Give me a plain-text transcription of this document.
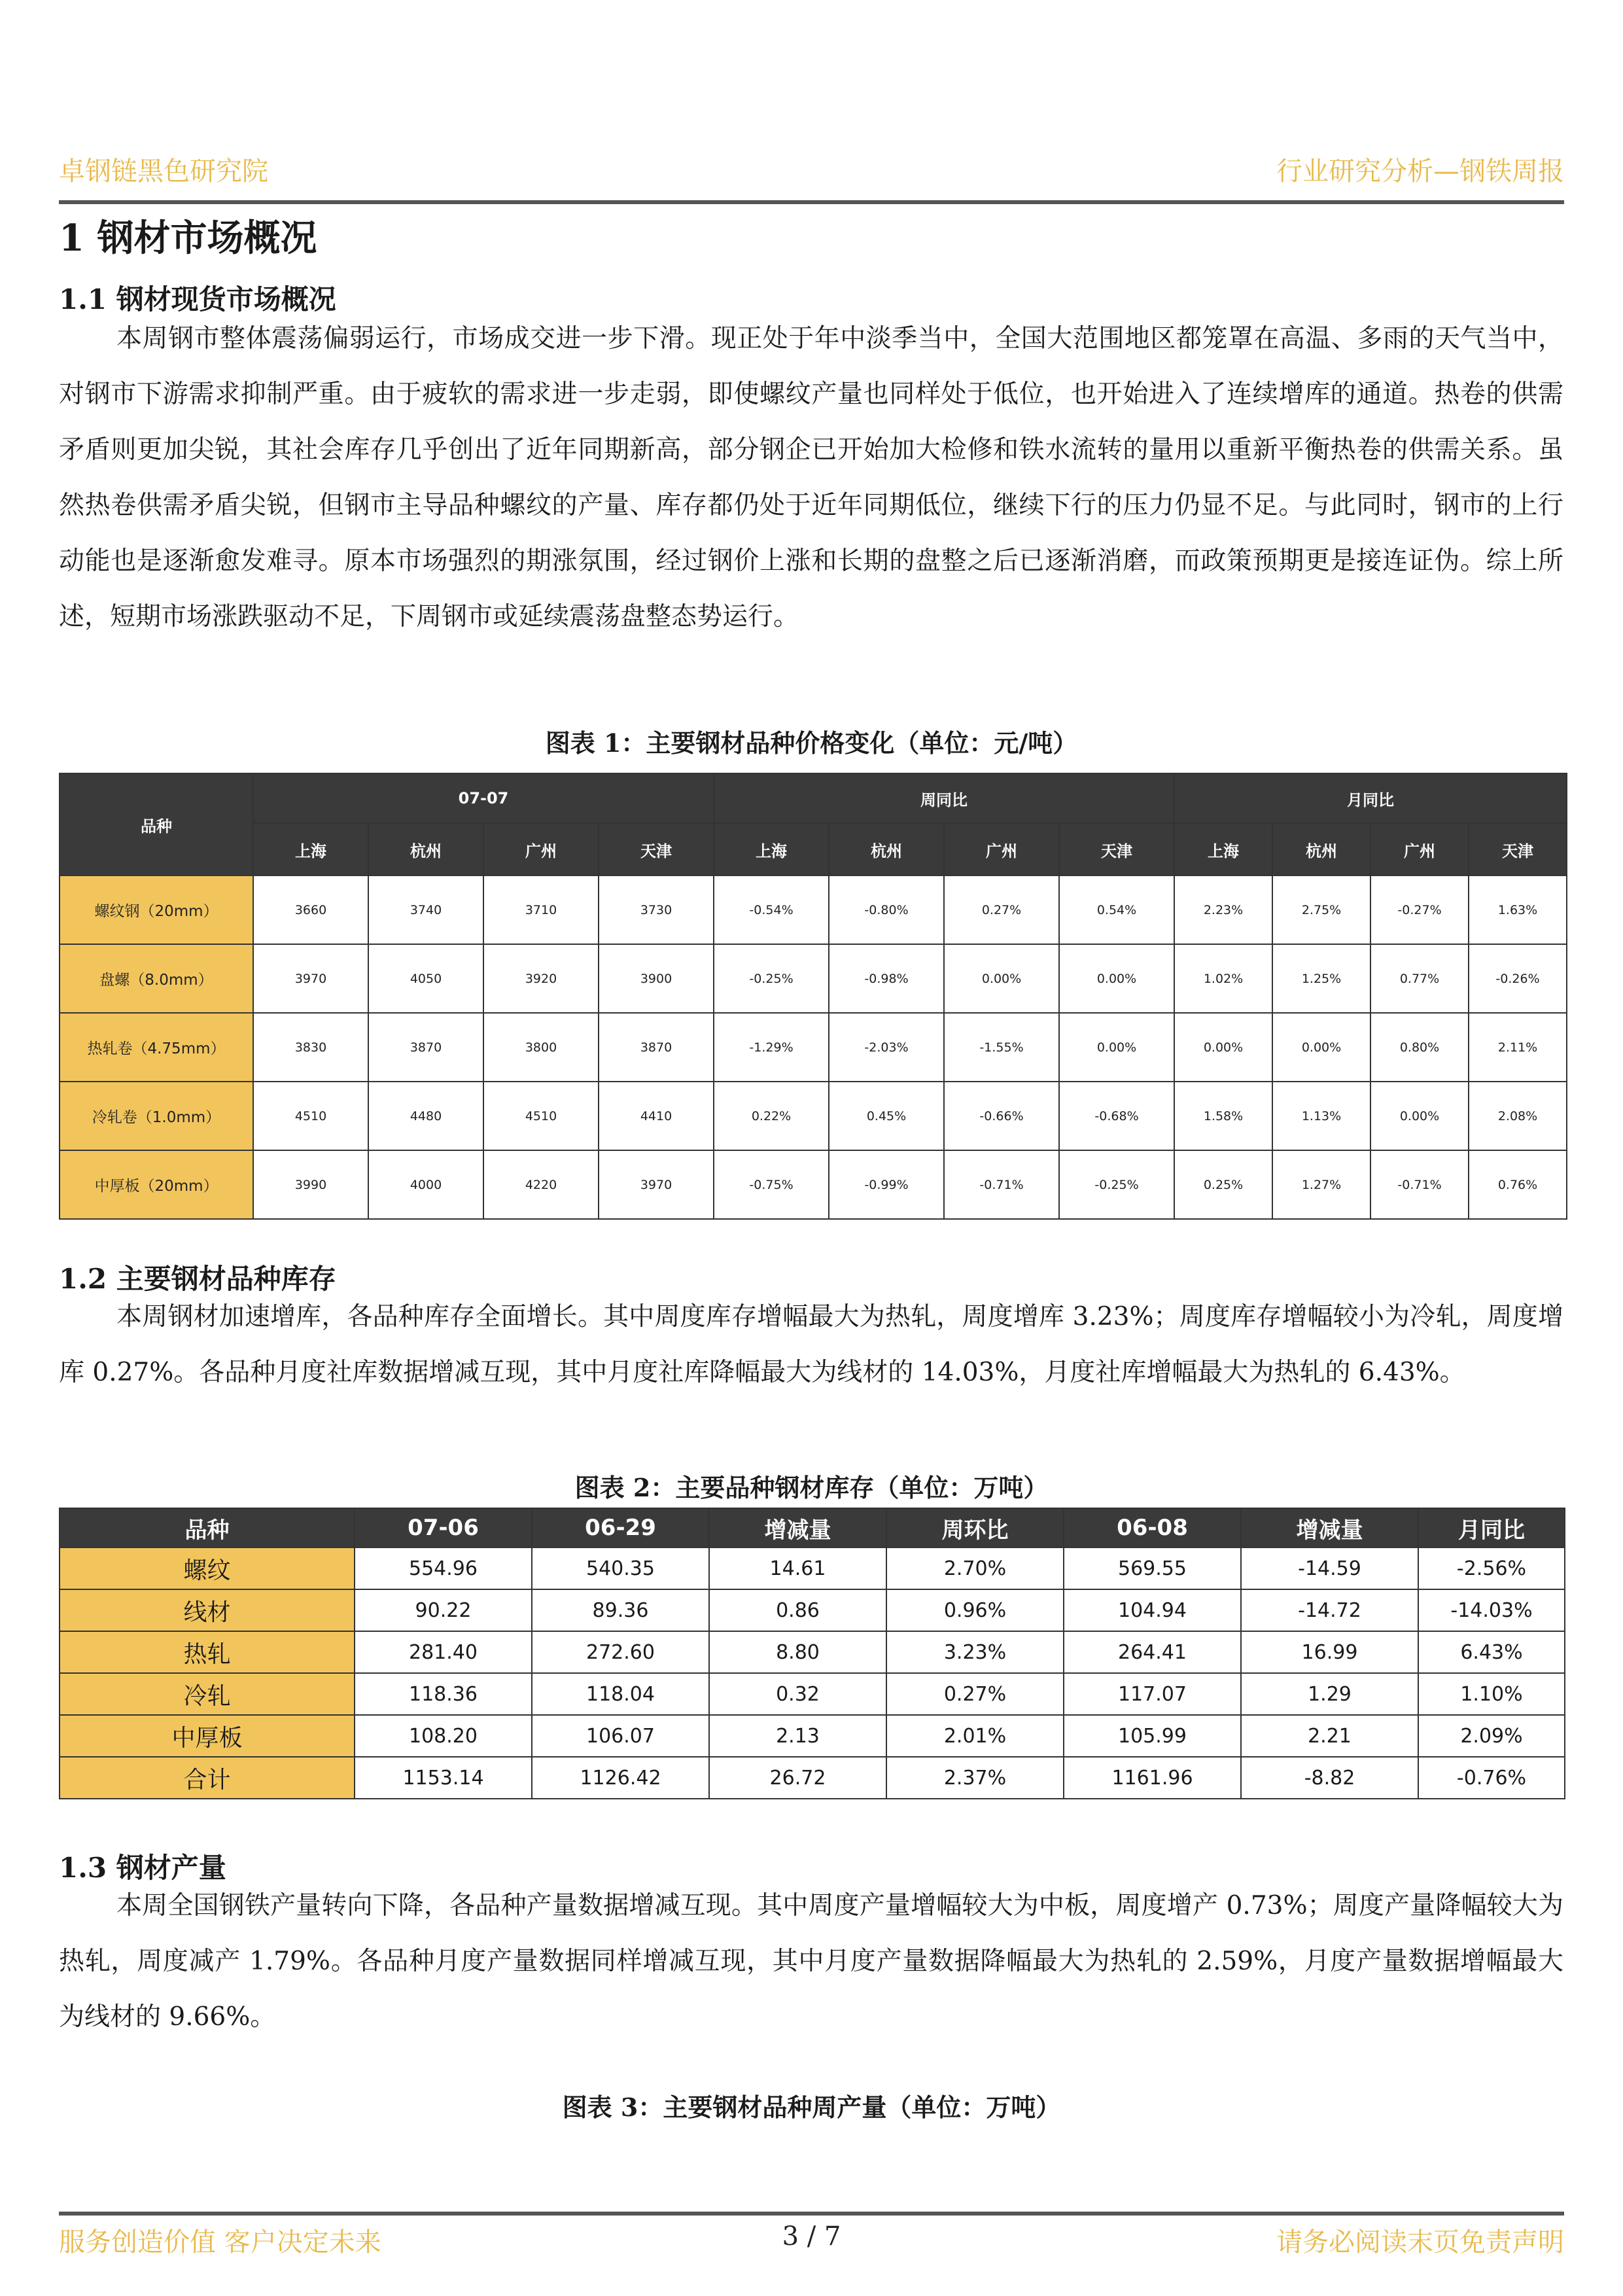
卓钢链黑色研究院	行业研究分析—钢铁周报
1 钢材市场概况
1.1 钢材现货市场概况

本周钢市整体震荡偏弱运行，市场成交进一步下滑。现正处于年中淡季当中，全国大范围地区都笼罩在高温、多雨的天气当中，对钢市下游需求抑制严重。由于疲软的需求进一步走弱，即使螺纹产量也同样处于低位，也开始进入了连续增库的通道。热卷的供需矛盾则更加尖锐，其社会库存几乎创出了近年同期新高，部分钢企已开始加大检修和铁水流转的量用以重新平衡热卷的供需关系。虽然热卷供需矛盾尖锐，但钢市主导品种螺纹的产量、库存都仍处于近年同期低位，继续下行的压力仍显不足。与此同时，钢市的上行动能也是逐渐愈发难寻。原本市场强烈的期涨氛围，经过钢价上涨和长期的盘整之后已逐渐消磨，而政策预期更是接连证伪。综上所述，短期市场涨跌驱动不足，下周钢市或延续震荡盘整态势运行。

图表 1：主要钢材品种价格变化（单位：元/吨）
品种	07-07				周同比				月同比			
	上海	杭州	广州	天津	上海	杭州	广州	天津	上海	杭州	广州	天津
螺纹钢（20mm）	3660	3740	3710	3730	-0.54%	-0.80%	0.27%	0.54%	2.23%	2.75%	-0.27%	1.63%
盘螺（8.0mm）	3970	4050	3920	3900	-0.25%	-0.98%	0.00%	0.00%	1.02%	1.25%	0.77%	-0.26%
热轧卷（4.75mm）	3830	3870	3800	3870	-1.29%	-2.03%	-1.55%	0.00%	0.00%	0.00%	0.80%	2.11%
冷轧卷（1.0mm）	4510	4480	4510	4410	0.22%	0.45%	-0.66%	-0.68%	1.58%	1.13%	0.00%	2.08%
中厚板（20mm）	3990	4000	4220	3970	-0.75%	-0.99%	-0.71%	-0.25%	0.25%	1.27%	-0.71%	0.76%
1.2 主要钢材品种库存

本周钢材加速增库，各品种库存全面增长。其中周度库存增幅最大为热轧，周度增库 3.23%；周度库存增幅较小为冷轧，周度增库 0.27%。各品种月度社库数据增减互现，其中月度社库降幅最大为线材的 14.03%，月度社库增幅最大为热轧的 6.43%。

图表 2：主要品种钢材库存（单位：万吨）
品种	07-06	06-29	增减量	周环比	06-08	增减量	月同比
螺纹	554.96	540.35	14.61	2.70%	569.55	-14.59	-2.56%
线材	90.22	89.36	0.86	0.96%	104.94	-14.72	-14.03%
热轧	281.40	272.60	8.80	3.23%	264.41	16.99	6.43%
冷轧	118.36	118.04	0.32	0.27%	117.07	1.29	1.10%
中厚板	108.20	106.07	2.13	2.01%	105.99	2.21	2.09%
合计	1153.14	1126.42	26.72	2.37%	1161.96	-8.82	-0.76%
1.3 钢材产量

本周全国钢铁产量转向下降，各品种产量数据增减互现。其中周度产量增幅较大为中板，周度增产 0.73%；周度产量降幅较大为热轧，周度减产 1.79%。各品种月度产量数据同样增减互现，其中月度产量数据降幅最大为热轧的 2.59%，月度产量数据增幅最大为线材的 9.66%。

图表 3：主要钢材品种周产量（单位：万吨）
服务创造价值 客户决定未来	3 / 7	请务必阅读末页免责声明
